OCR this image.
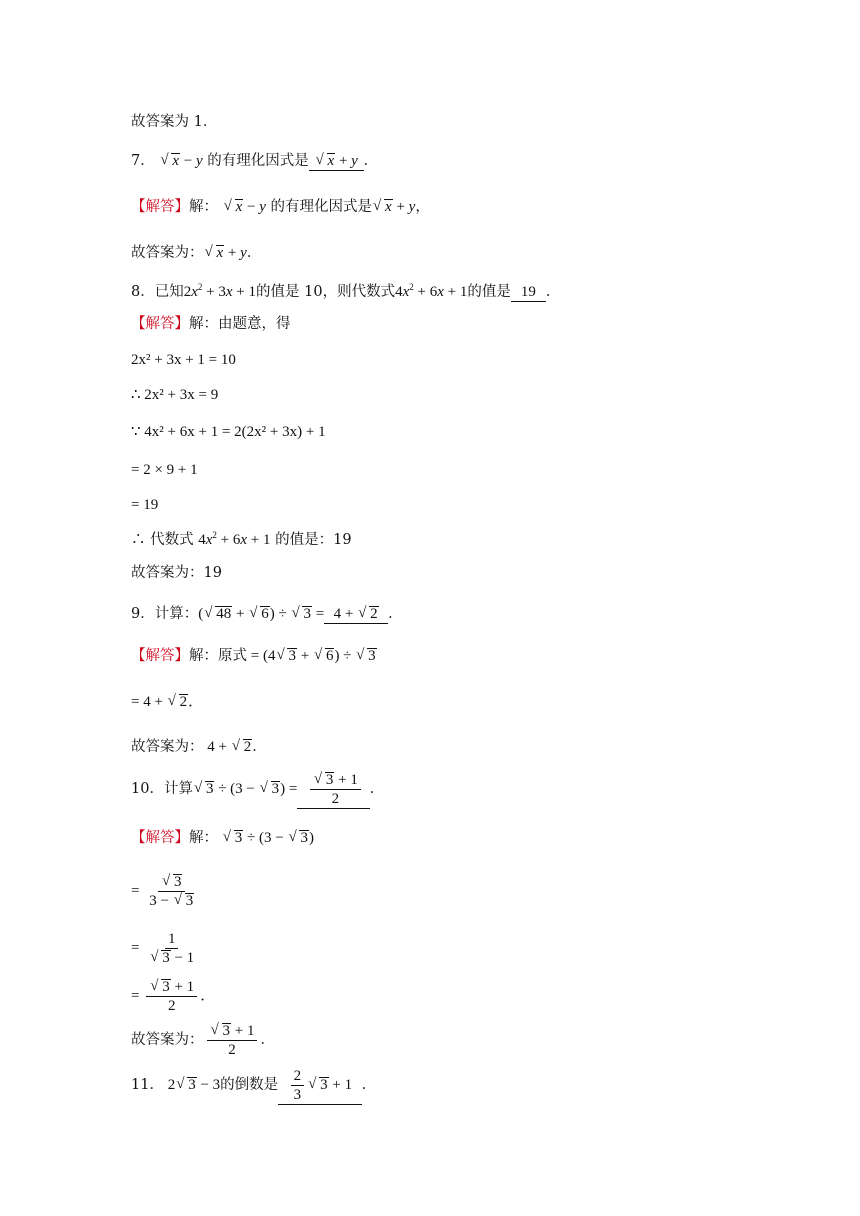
故答案为 1．
7． √ x − y 的有理化因式是 √ x + y ．
【解答】解： √ x − y 的有理化因式是 √ x + y，
故答案为： √ x + y．
8．已知$2x^2 + 3x + 1$的值是 10，则代数式$4x^2 + 6x + 1$的值是 19 ．
【解答】解：由题意，得
2x² + 3x + 1 = 10
∴ 2x² + 3x = 9
∵ 4x² + 6x + 1 = 2(2x² + 3x) + 1
= 2 × 9 + 1
= 19
∴ 代数式 $4x^2 + 6x + 1$ 的值是：19
故答案为：19
9．计算：( √ 48 + √ 6) ÷ √ 3 =  4 + √ 2 ．
【解答】解：原式 = (4 √ 3 + √ 6) ÷ √ 3
= 4 + √ 2．
故答案为： 4 + √ 2．
10．计算 √ 3 ÷ (3 − √ 3) = √ $\frac{3 + 1}{2}$ ．
【解答】解： √ 3 ÷ (3 − √ 3)
= √ $\frac{3}{3 - √ 3}$
= 1
√ 3 − 1
= √ $\frac{3 + 1}{2}$ ．
故答案为： √ $\frac{3 + 1}{2}$ ．
11． 2 √ 3 − 3的倒数是 $\frac{2}{3}$ √ 3 + 1  ．
